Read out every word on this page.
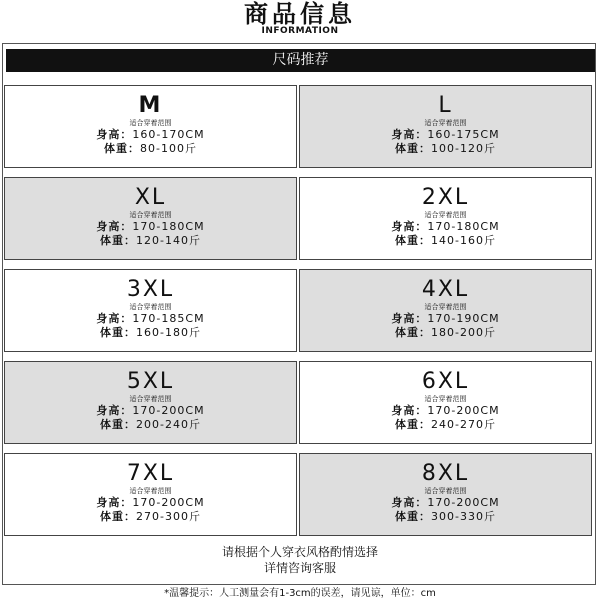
商品信息
INFORMATION
尺码推荐
M
适合穿着范围
身高：160-170CM
体重：80-100斤
L
适合穿着范围
身高：160-175CM
体重：100-120斤
XL
适合穿着范围
身高：170-180CM
体重：120-140斤
2XL
适合穿着范围
身高：170-180CM
体重：140-160斤
3XL
适合穿着范围
身高：170-185CM
体重：160-180斤
4XL
适合穿着范围
身高：170-190CM
体重：180-200斤
5XL
适合穿着范围
身高：170-200CM
体重：200-240斤
6XL
适合穿着范围
身高：170-200CM
体重：240-270斤
7XL
适合穿着范围
身高：170-200CM
体重：270-300斤
8XL
适合穿着范围
身高：170-200CM
体重：300-330斤
请根据个人穿衣风格酌情选择
详情咨询客服
*温馨提示：人工测量会有1-3cm的误差，请见谅，单位：cm
